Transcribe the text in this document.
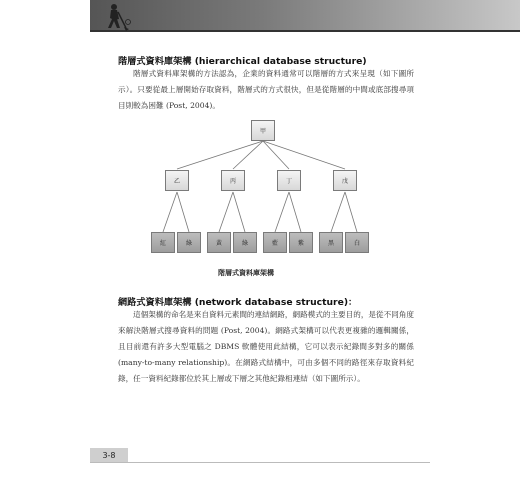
階層式資料庫架構 (hierarchical database structure)

階層式資料庫架構的方法認為，企業的資料通常可以階層的方式來呈現（如下圖所示）。只要從最上層開始存取資料，階層式的方式很快，但是從階層的中間或底部搜尋項目則較為困難 (Post, 2004)。

甲
乙	丙	丁	戊
紅	綠	黃	綠	藍	紫	黑	白
階層式資料庫架構
網路式資料庫架構 (network database structure)：

這個架構的命名是來自資料元素間的連結網路，網路模式的主要目的，是從不同角度來解決階層式搜尋資料的問題 (Post, 2004)。網路式架構可以代表更複雜的邏輯關係，且目前還有許多大型電腦之 DBMS 軟體使用此結構，它可以表示紀錄間多對多的關係 (many-to-many relationship)。在網路式結構中，可由多個不同的路徑來存取資料紀錄，任一資料紀錄都位於其上層或下層之其他紀錄相連結（如下圖所示）。

3-8
